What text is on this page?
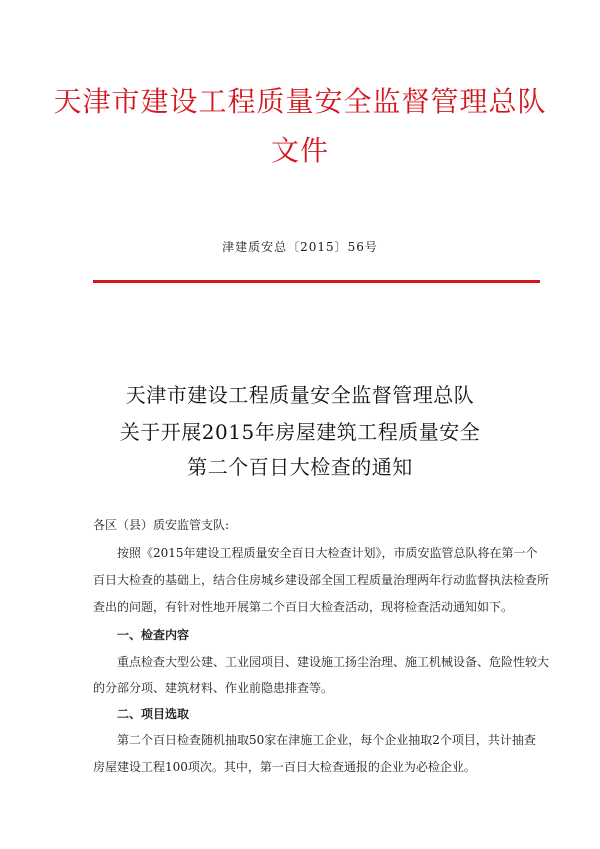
天津市建设工程质量安全监督管理总队
文件
津建质安总〔2015〕56号
天津市建设工程质量安全监督管理总队
关于开展2015年房屋建筑工程质量安全
第二个百日大检查的通知
各区（县）质安监管支队:
按照《2015年建设工程质量安全百日大检查计划》，市质安监管总队将在第一个
百日大检查的基础上，结合住房城乡建设部全国工程质量治理两年行动监督执法检查所
查出的问题，有针对性地开展第二个百日大检查活动，现将检查活动通知如下。
一、检查内容
重点检查大型公建、工业园项目、建设施工扬尘治理、施工机械设备、危险性较大
的分部分项、建筑材料、作业前隐患排查等。
二、项目选取
第二个百日检查随机抽取50家在津施工企业，每个企业抽取2个项目，共计抽查
房屋建设工程100项次。其中，第一百日大检查通报的企业为必检企业。
